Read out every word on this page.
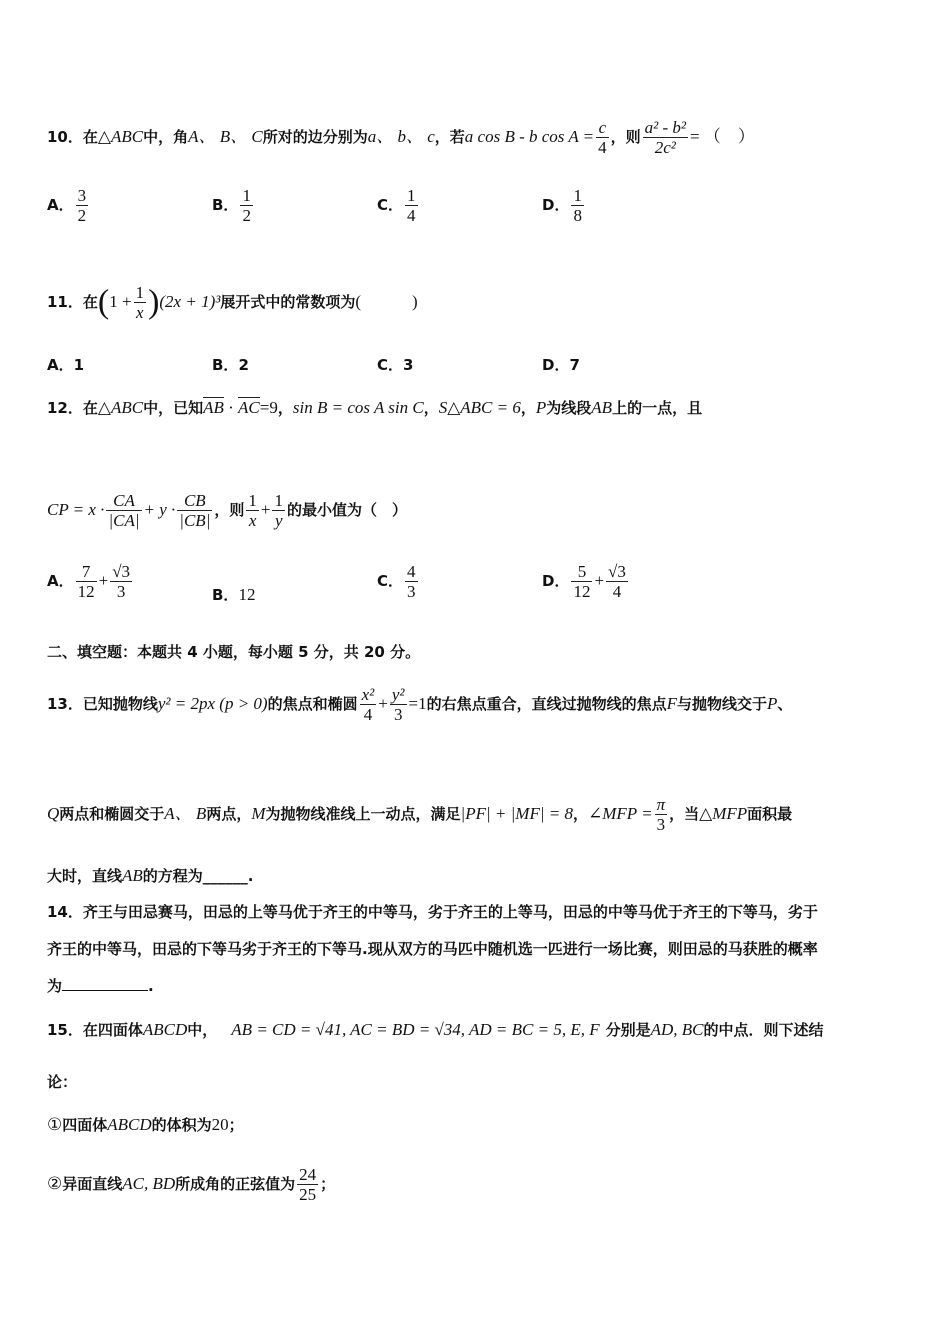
10．在△ABC中，角A、 B、 C所对的边分别为a、 b、 c，若a cos B - b $\cos A = \frac{c}{4}$ ，则 $\frac{\text{a² - b²}}{\text{2c²}}$ = （　）
A． $\frac{3}{2}$	B． $\frac{1}{2}$	C． $\frac{1}{4}$	D． $\frac{1}{8}$
11．在$(1 + \frac{1}{x} )(2x + 1)^3$展开式中的常数项为(　　　)
A．1	B．2	C．3	D．7
12．在△ABC中，已知AB · AC=9，sin B = cos A sin C，S△ABC = 6，P为线段AB上的一点，且
CP = $x \cdot \frac{CA}{|CA|} + y \cdot \frac{CB}{|CB|}$ ，则 $\frac{1}{x} + \frac{1}{y}$ 的最小值为（　）
A． $\frac{7}{12} + \frac{√3}{3}$	B．12
C． $\frac{4}{3}$	D． $\frac{5}{12} + \frac{√3}{4}$
二、填空题：本题共 4 小题，每小题 5 分，共 20 分。
13．已知抛物线y² = 2px (p > 0)的焦点和椭圆 $\frac{\text{x²}}{4} + \frac{\text{y²}}{3} =1$的右焦点重合，直线过抛物线的焦点F与抛物线交于P、
Q两点和椭圆交于A、 B两点，M为抛物线准线上一动点，满足|PF| + |MF| = 8，∠MFP = $\frac{\pi}{3}$ ，当△MFP面积最
大时，直线AB的方程为______.
14．齐王与田忌赛马，田忌的上等马优于齐王的中等马，劣于齐王的上等马，田忌的中等马优于齐王的下等马，劣于
齐王的中等马，田忌的下等马劣于齐王的下等马.现从双方的马匹中随机选一匹进行一场比赛，则田忌的马获胜的概率
为	.
15．在四面体ABCD中， AB = CD = √41, AC = BD = √34, AD = BC = 5, E, F 分别是AD, BC的中点．则下述结
论：
①四面体ABCD的体积为20；
②异面直线AC, BD所成角的正弦值为 $\frac{24}{25}$ ；
